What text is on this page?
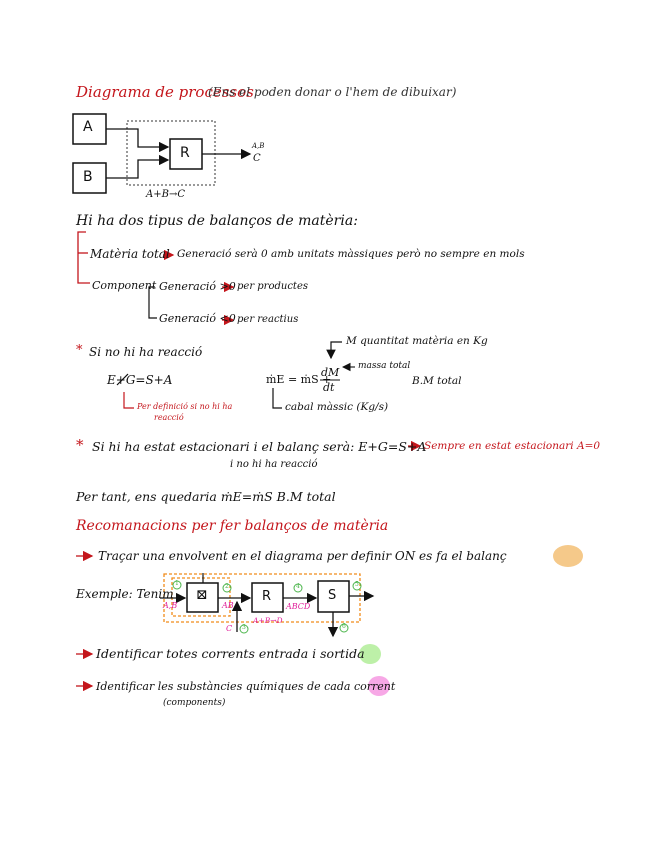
Diagrama de processos
(Ens el poden donar o l'hem de dibuixar)
A
B
R	A,B
C
A+B→C
Hi ha dos tipus de balanços de matèria:
Matèria total Generació serà 0 amb unitats màssiques però no sempre en mols
Component Generació >0 per productes
Generació <0 per reactius
* Si no hi ha reacció
E+G=S+A
Per definició si no hi ha
reacció
M quantitat matèria en Kg
massa total
ṁE = ṁS +
dM
dt	B.M total
cabal màssic (Kg/s)
* Si hi ha estat estacionari i el balanç serà: E+G=S+A
Sempre en estat estacionari A=0
i no hi ha reacció
Per tant, ens quedaria ṁE=ṁS B.M total
Recomanacions per fer balanços de matèria
Traçar una envolvent en el diagrama per definir ON es fa el balanç
Exemple: Tenim ⊠	R	S
A,B	AB	ABCD
C
A+B→D
1	2
3
4	5
6
Identificar totes corrents entrada i sortida
Identificar les substàncies químiques de cada corrent
(components)
